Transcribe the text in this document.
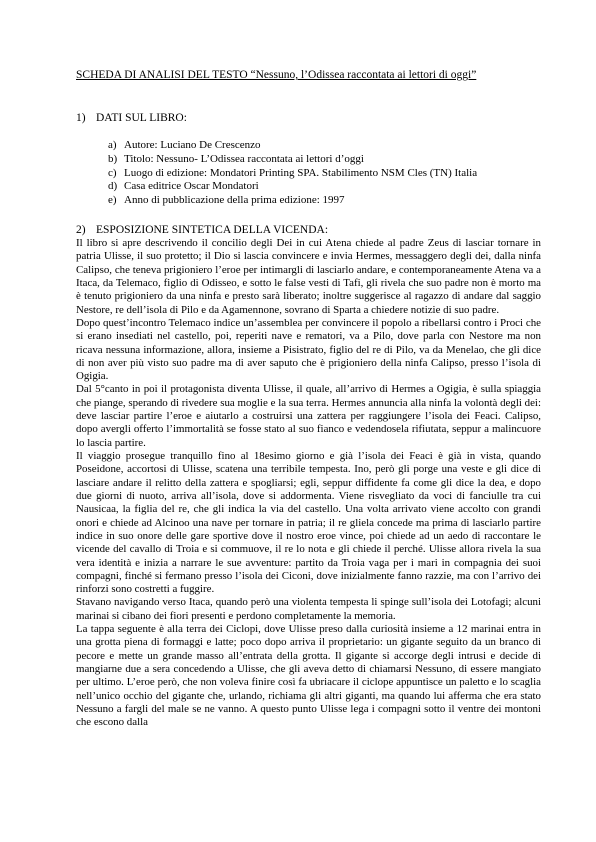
SCHEDA DI ANALISI DEL TESTO “Nessuno, l’Odissea raccontata ai lettori di oggi”
1) DATI SUL LIBRO:
a) Autore: Luciano De Crescenzo
b) Titolo: Nessuno- L’Odissea raccontata ai lettori d’oggi
c) Luogo di edizione: Mondatori Printing SPA. Stabilimento NSM Cles (TN) Italia
d) Casa editrice Oscar Mondatori
e) Anno di pubblicazione della prima edizione: 1997
2) ESPOSIZIONE SINTETICA DELLA VICENDA:

Il libro si apre descrivendo il concilio degli Dei in cui Atena chiede al padre Zeus di lasciar tornare in patria Ulisse, il suo protetto; il Dio si lascia convincere e invia Hermes, messaggero degli dei, dalla ninfa Calipso, che teneva prigioniero l’eroe per intimargli di lasciarlo andare, e contemporaneamente Atena va a Itaca, da Telemaco, figlio di Odisseo, e sotto le false vesti di Tafi, gli rivela che suo padre non è morto ma è tenuto prigioniero da una ninfa e presto sarà liberato; inoltre suggerisce al ragazzo di andare dal saggio Nestore, re dell’isola di Pilo e da Agamennone, sovrano di Sparta a chiedere notizie di suo padre.

Dopo quest’incontro Telemaco indice un’assemblea per convincere il popolo a ribellarsi contro i Proci che si erano insediati nel castello, poi, reperiti nave e rematori, va a Pilo, dove parla con Nestore ma non ricava nessuna informazione, allora, insieme a Pisistrato, figlio del re di Pilo, va da Menelao, che gli dice di non aver più visto suo padre ma di aver saputo che è prigioniero della ninfa Calipso, presso l’isola di Ogigia.

Dal 5°canto in poi il protagonista diventa Ulisse, il quale, all’arrivo di Hermes a Ogigia, è sulla spiaggia che piange, sperando di rivedere sua moglie e la sua terra. Hermes annuncia alla ninfa la volontà degli dei: deve lasciar partire l’eroe e aiutarlo a costruirsi una zattera per raggiungere l’isola dei Feaci. Calipso, dopo avergli offerto l’immortalità se fosse stato al suo fianco e vedendosela rifiutata, seppur a malincuore lo lascia partire.

Il viaggio prosegue tranquillo fino al 18esimo giorno e già l’isola dei Feaci è già in vista, quando Poseidone, accortosi di Ulisse, scatena una terribile tempesta. Ino, però gli porge una veste e gli dice di lasciare andare il relitto della zattera e spogliarsi; egli, seppur diffidente fa come gli dice la dea, e dopo due giorni di nuoto, arriva all’isola, dove si addormenta. Viene risvegliato da voci di fanciulle tra cui Nausicaa, la figlia del re, che gli indica la via del castello. Una volta arrivato viene accolto con grandi onori e chiede ad Alcinoo una nave per tornare in patria; il re gliela concede ma prima di lasciarlo partire indice in suo onore delle gare sportive dove il nostro eroe vince, poi chiede ad un aedo di raccontare le vicende del cavallo di Troia e si commuove, il re lo nota e gli chiede il perché. Ulisse allora rivela la sua vera identità e inizia a narrare le sue avventure: partito da Troia vaga per i mari in compagnia dei suoi compagni, finché si fermano presso l’isola dei Ciconi, dove inizialmente fanno razzie, ma con l’arrivo dei rinforzi sono costretti a fuggire.

Stavano navigando verso Itaca, quando però una violenta tempesta li spinge sull’isola dei Lotofagi; alcuni marinai si cibano dei fiori presenti e perdono completamente la memoria.

La tappa seguente è alla terra dei Ciclopi, dove Ulisse preso dalla curiosità insieme a 12 marinai entra in una grotta piena di formaggi e latte; poco dopo arriva il proprietario: un gigante seguito da un branco di pecore e mette un grande masso all’entrata della grotta. Il gigante si accorge degli intrusi e decide di mangiarne due a sera concedendo a Ulisse, che gli aveva detto di chiamarsi Nessuno, di essere mangiato per ultimo. L’eroe però, che non voleva finire così fa ubriacare il ciclope appuntisce un paletto e lo scaglia nell’unico occhio del gigante che, urlando, richiama gli altri giganti, ma quando lui afferma che era stato Nessuno a fargli del male se ne vanno. A questo punto Ulisse lega i compagni sotto il ventre dei montoni che escono dalla
